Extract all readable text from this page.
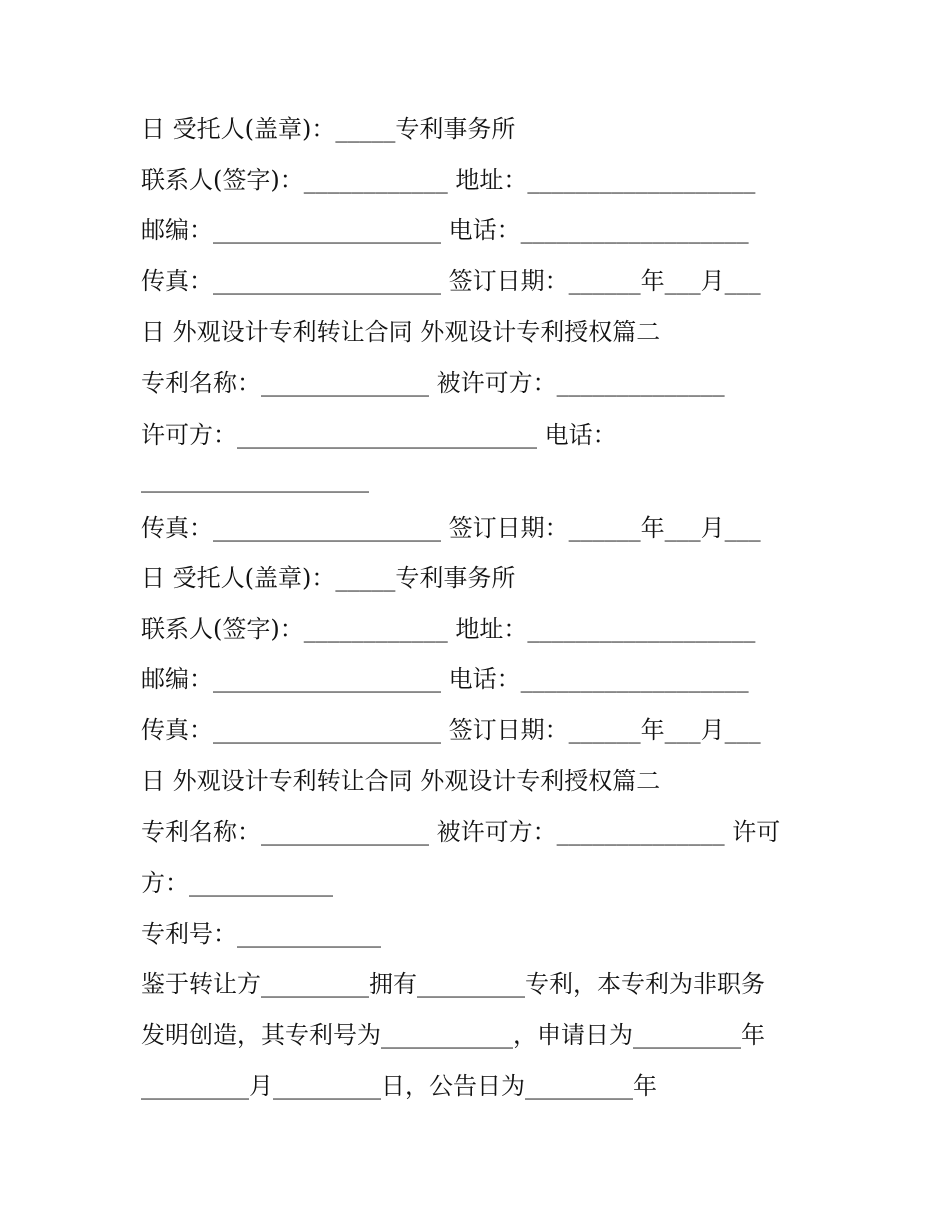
日 受托人(盖章)：_____专利事务所
联系人(签字)：____________ 地址：___________________
邮编：___________________ 电话：___________________
传真：___________________ 签订日期：______年___月___
日 外观设计专利转让合同 外观设计专利授权篇二
专利名称：______________ 被许可方：______________
许可方：_________________________ 电话：
___________________
传真：___________________ 签订日期：______年___月___
日 受托人(盖章)：_____专利事务所
联系人(签字)：____________ 地址：___________________
邮编：___________________ 电话：___________________
传真：___________________ 签订日期：______年___月___
日 外观设计专利转让合同 外观设计专利授权篇二
专利名称：______________ 被许可方：______________ 许可
方：____________
专利号：____________
鉴于转让方_________拥有_________专利，本专利为非职务
发明创造，其专利号为___________，申请日为_________年
_________月_________日，公告日为_________年
